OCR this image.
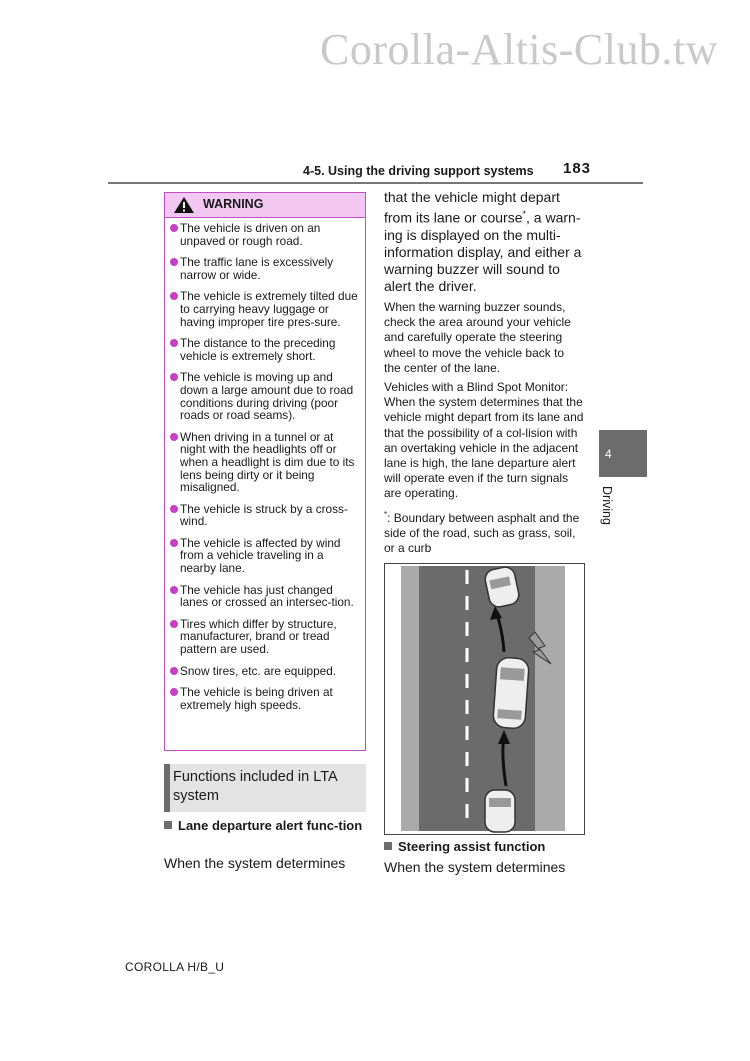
Corolla-Altis-Club.tw
4-5. Using the driving support systems 183
WARNING
The vehicle is driven on an unpaved or rough road.
The traffic lane is excessively narrow or wide.
The vehicle is extremely tilted due to carrying heavy luggage or having improper tire pres-sure.
The distance to the preceding vehicle is extremely short.
The vehicle is moving up and down a large amount due to road conditions during driving (poor roads or road seams).
When driving in a tunnel or at night with the headlights off or when a headlight is dim due to its lens being dirty or it being misaligned.
The vehicle is struck by a cross-wind.
The vehicle is affected by wind from a vehicle traveling in a nearby lane.
The vehicle has just changed lanes or crossed an intersec-tion.
Tires which differ by structure, manufacturer, brand or tread pattern are used.
Snow tires, etc. are equipped.
The vehicle is being driven at extremely high speeds.
Functions included in LTA system
Lane departure alert func-tion
When the system determines
that the vehicle might depart from its lane or course*, a warn-ing is displayed on the multi-information display, and either a warning buzzer will sound to alert the driver.
When the warning buzzer sounds, check the area around your vehicle and carefully operate the steering wheel to move the vehicle back to the center of the lane.
Vehicles with a Blind Spot Monitor: When the system determines that the vehicle might depart from its lane and that the possibility of a col-lision with an overtaking vehicle in the adjacent lane is high, the lane departure alert will operate even if the turn signals are operating.
*: Boundary between asphalt and the side of the road, such as grass, soil, or a curb
Steering assist function
When the system determines
4
Driving
COROLLA H/B_U
